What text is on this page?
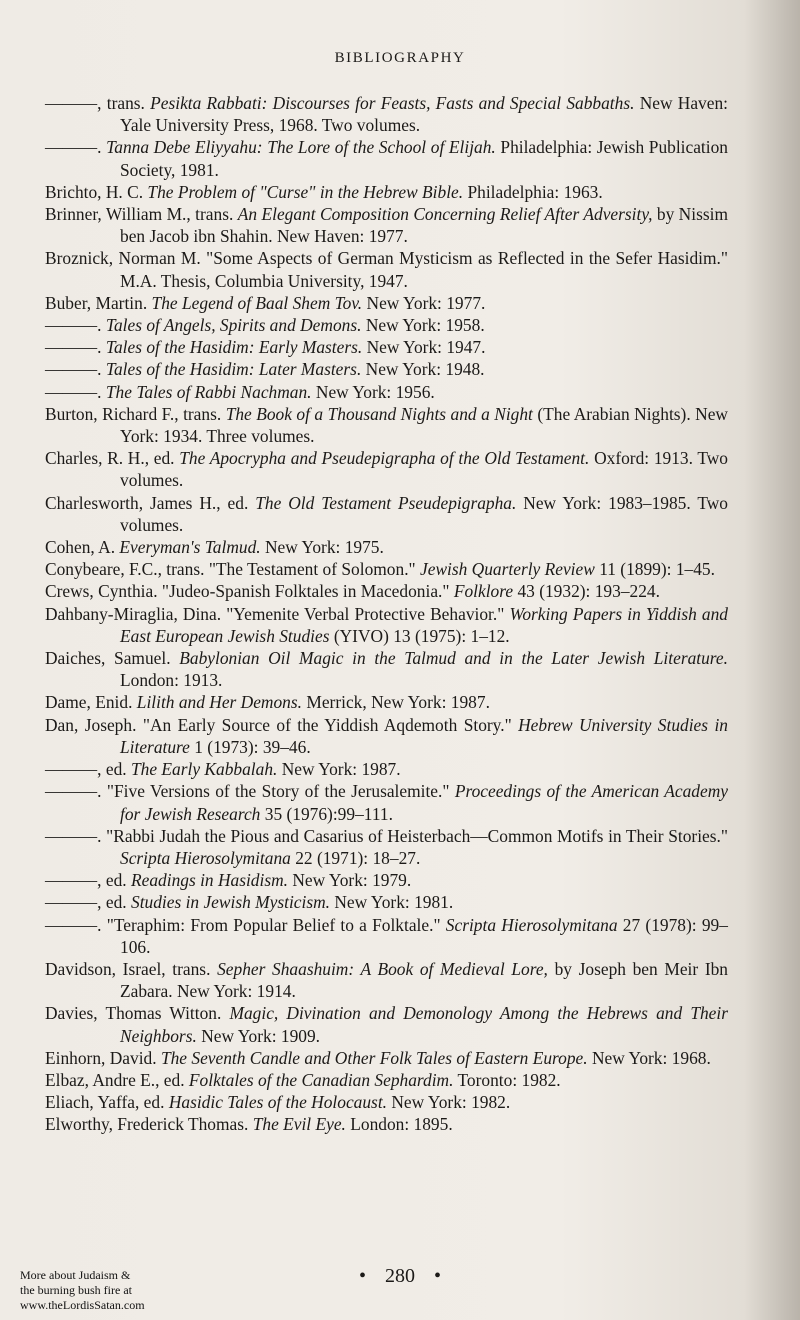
BIBLIOGRAPHY
———, trans. Pesikta Rabbati: Discourses for Feasts, Fasts and Special Sabbaths. New Haven: Yale University Press, 1968. Two volumes.
———. Tanna Debe Eliyyahu: The Lore of the School of Elijah. Philadelphia: Jewish Publication Society, 1981.
Brichto, H. C. The Problem of "Curse" in the Hebrew Bible. Philadelphia: 1963.
Brinner, William M., trans. An Elegant Composition Concerning Relief After Adversity, by Nissim ben Jacob ibn Shahin. New Haven: 1977.
Broznick, Norman M. "Some Aspects of German Mysticism as Reflected in the Sefer Hasidim." M.A. Thesis, Columbia University, 1947.
Buber, Martin. The Legend of Baal Shem Tov. New York: 1977.
———. Tales of Angels, Spirits and Demons. New York: 1958.
———. Tales of the Hasidim: Early Masters. New York: 1947.
———. Tales of the Hasidim: Later Masters. New York: 1948.
———. The Tales of Rabbi Nachman. New York: 1956.
Burton, Richard F., trans. The Book of a Thousand Nights and a Night (The Arabian Nights). New York: 1934. Three volumes.
Charles, R. H., ed. The Apocrypha and Pseudepigrapha of the Old Testament. Oxford: 1913. Two volumes.
Charlesworth, James H., ed. The Old Testament Pseudepigrapha. New York: 1983–1985. Two volumes.
Cohen, A. Everyman's Talmud. New York: 1975.
Conybeare, F.C., trans. "The Testament of Solomon." Jewish Quarterly Review 11 (1899): 1–45.
Crews, Cynthia. "Judeo-Spanish Folktales in Macedonia." Folklore 43 (1932): 193–224.
Dahbany-Miraglia, Dina. "Yemenite Verbal Protective Behavior." Working Papers in Yiddish and East European Jewish Studies (YIVO) 13 (1975): 1–12.
Daiches, Samuel. Babylonian Oil Magic in the Talmud and in the Later Jewish Literature. London: 1913.
Dame, Enid. Lilith and Her Demons. Merrick, New York: 1987.
Dan, Joseph. "An Early Source of the Yiddish Aqdemoth Story." Hebrew University Studies in Literature 1 (1973): 39–46.
———, ed. The Early Kabbalah. New York: 1987.
———. "Five Versions of the Story of the Jerusalemite." Proceedings of the American Academy for Jewish Research 35 (1976):99–111.
———. "Rabbi Judah the Pious and Casarius of Heisterbach—Common Motifs in Their Stories." Scripta Hierosolymitana 22 (1971): 18–27.
———, ed. Readings in Hasidism. New York: 1979.
———, ed. Studies in Jewish Mysticism. New York: 1981.
———. "Teraphim: From Popular Belief to a Folktale." Scripta Hierosolymitana 27 (1978): 99–106.
Davidson, Israel, trans. Sepher Shaashuim: A Book of Medieval Lore, by Joseph ben Meir Ibn Zabara. New York: 1914.
Davies, Thomas Witton. Magic, Divination and Demonology Among the Hebrews and Their Neighbors. New York: 1909.
Einhorn, David. The Seventh Candle and Other Folk Tales of Eastern Europe. New York: 1968.
Elbaz, Andre E., ed. Folktales of the Canadian Sephardim. Toronto: 1982.
Eliach, Yaffa, ed. Hasidic Tales of the Holocaust. New York: 1982.
Elworthy, Frederick Thomas. The Evil Eye. London: 1895.
• 280 •
More about Judaism &
the burning bush fire at
www.theLordisSatan.com
